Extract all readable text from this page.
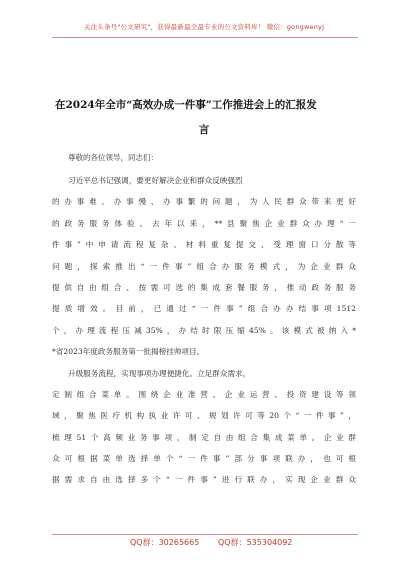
关注头条号"公文研究"，获得最新最全最专业的公文资料库！ 微信：gongwenyj
在2024年全市“高效办成一件事”工作推进会上的汇报发
言
尊敬的各位领导，同志们：
习近平总书记强调，要更好解决企业和群众反映强烈
的办事难、办事慢、办事繁的问题，为人民群众带来更好
的政务服务体验。去年以来，**县聚焦企业群众办理“一
件事”中申请流程复杂、材料重复提交、受理窗口分散等
问题，探索推出“一件事”组合办服务模式，为企业群众
提供自由组合、按需可选的集成套餐服务，推动政务服务
提质增效。目前，已通过“一件事”组合办办结事项1512
个，办理流程压减35%，办结时限压缩45%。该模式被纳入*
*省2023年度政务服务第一批揭榜挂帅项目。
升级服务流程，实现事项办理便捷化。立足群众需求，
定制组合菜单。围绕企业准营、企业运营、投资建设等领
域，聚焦医疗机构执业许可、规划许可等20个“一件事”，
梳理51个高频业务事项，制定自由组合集成菜单。企业群
众可根据菜单选择单个“一件事”部分事项联办，也可根
据需求自由选择多个“一件事”进行联办，实现企业群众
QQ群：30265665 QQ群：535304092
